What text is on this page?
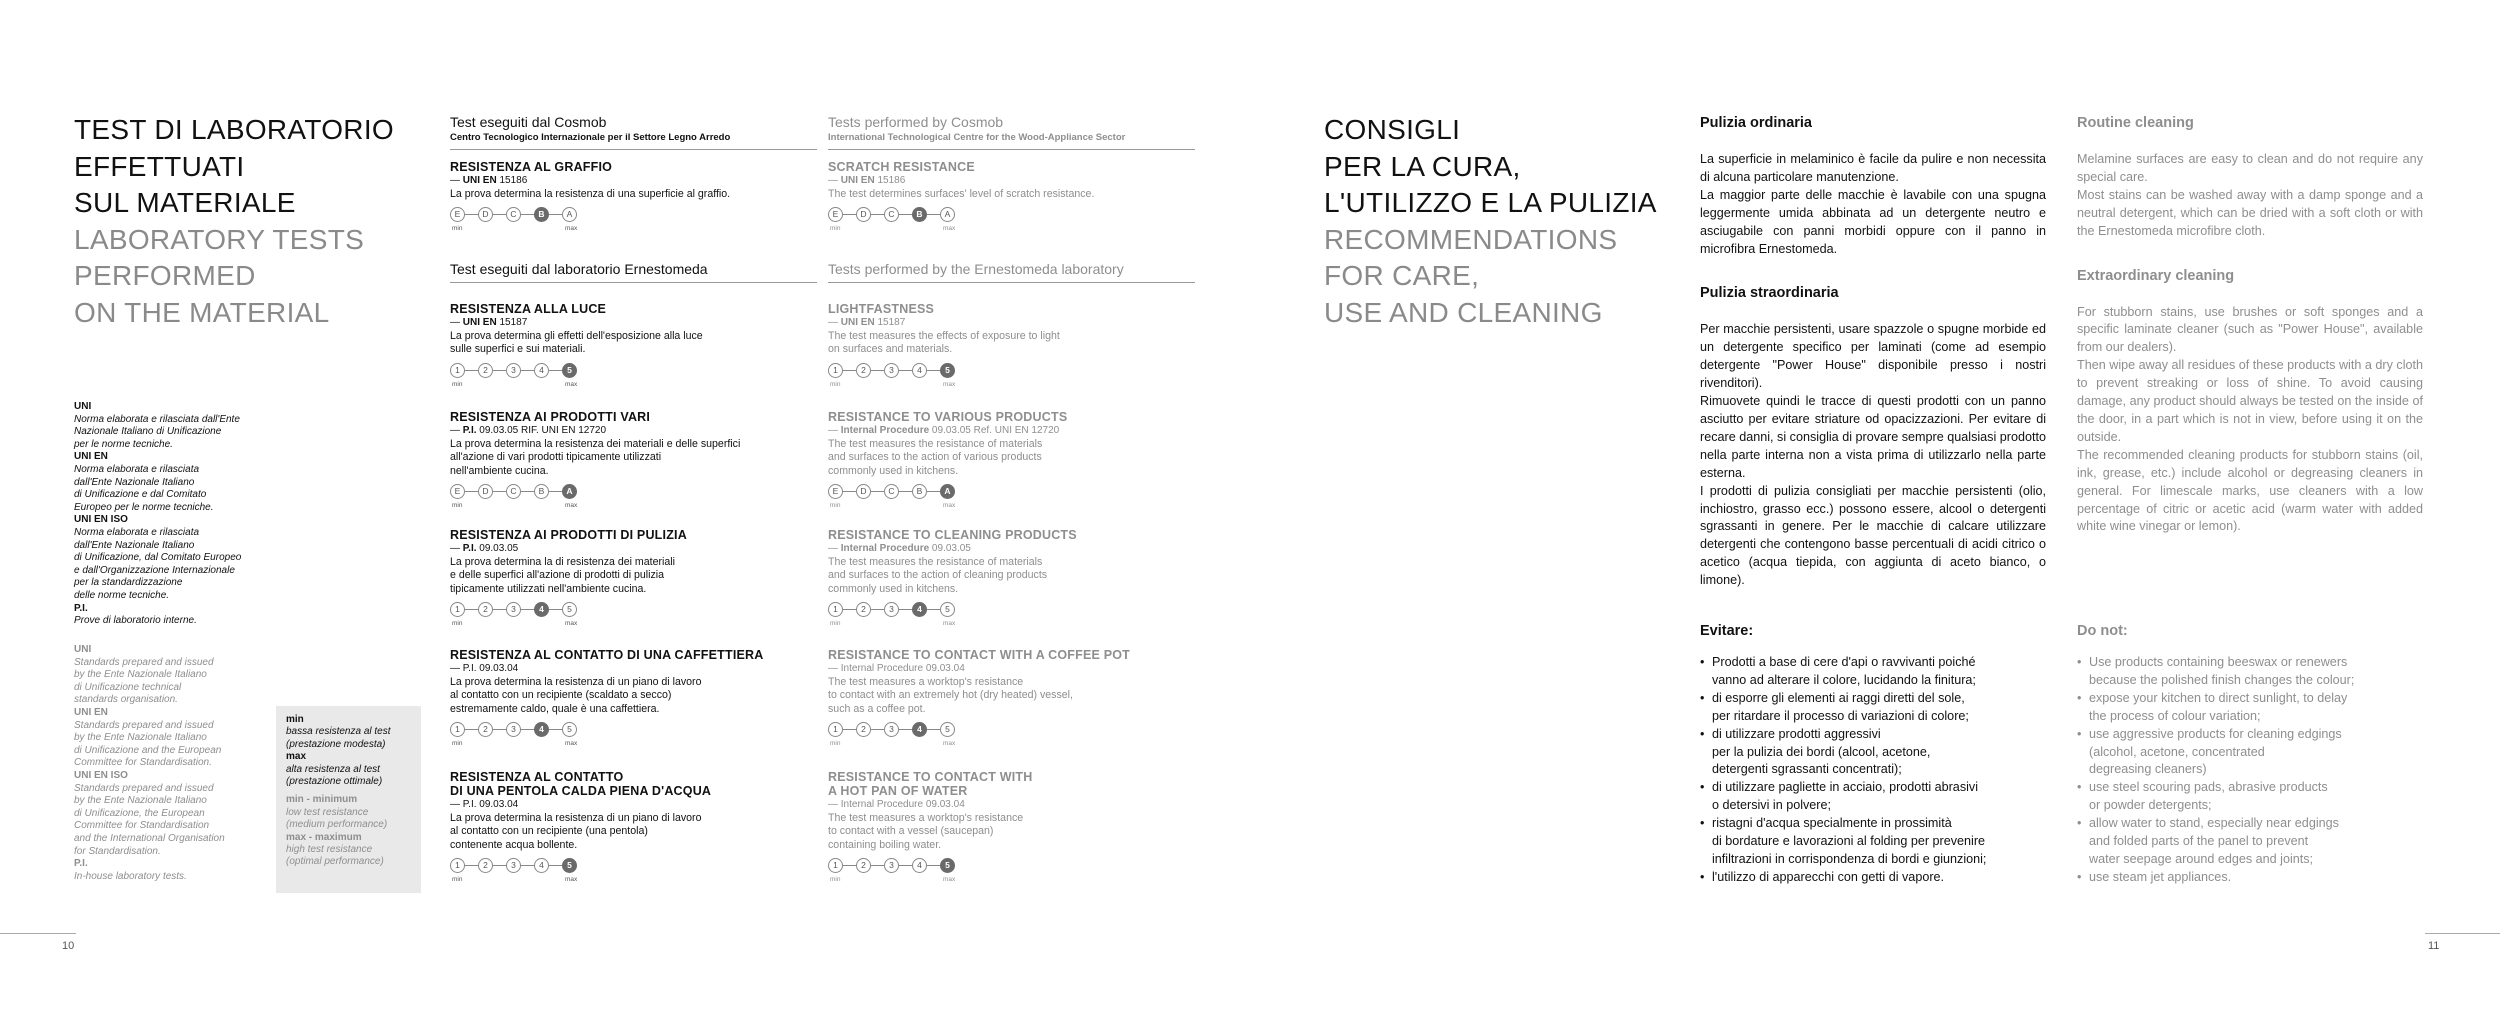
TEST DI LABORATORIO
EFFETTUATI
SUL MATERIALE
LABORATORY TESTS
PERFORMED
ON THE MATERIAL
UNI
Norma elaborata e rilasciata dall'Ente
Nazionale Italiano di Unificazione
per le norme tecniche.
UNI EN
Norma elaborata e rilasciata
dall'Ente Nazionale Italiano
di Unificazione e dal Comitato
Europeo per le norme tecniche.
UNI EN ISO
Norma elaborata e rilasciata
dall'Ente Nazionale Italiano
di Unificazione, dal Comitato Europeo
e dall'Organizzazione Internazionale
per la standardizzazione
delle norme tecniche.
P.I.
Prove di laboratorio interne.
UNI
Standards prepared and issued
by the Ente Nazionale Italiano
di Unificazione technical
standards organisation.
UNI EN
Standards prepared and issued
by the Ente Nazionale Italiano
di Unificazione and the European
Committee for Standardisation.
UNI EN ISO
Standards prepared and issued
by the Ente Nazionale Italiano
di Unificazione, the European
Committee for Standardisation
and the International Organisation
for Standardisation.
P.I.
In-house laboratory tests.
min
bassa resistenza al test
(prestazione modesta)
max
alta resistenza al test
(prestazione ottimale)
min - minimum
low test resistance
(medium performance)
max - maximum
high test resistance
(optimal performance)
Test eseguiti dal Cosmob
Centro Tecnologico Internazionale per il Settore Legno Arredo
Test eseguiti dal laboratorio Ernestomeda
Tests performed by Cosmob
International Technological Centre for the Wood-Appliance Sector
Tests performed by the Ernestomeda laboratory
RESISTENZA AL GRAFFIO
— UNI EN 15186
La prova determina la resistenza di una superficie al graffio.
E	D	C	B	A
min	max
RESISTENZA ALLA LUCE
— UNI EN 15187
La prova determina gli effetti dell'esposizione alla luce
sulle superfici e sui materiali.
1	2	3	4	5
min	max
RESISTENZA AI PRODOTTI VARI
— P.I. 09.03.05 RIF. UNI EN 12720
La prova determina la resistenza dei materiali e delle superfici
all'azione di vari prodotti tipicamente utilizzati
nell'ambiente cucina.
E	D	C	B	A
min	max
RESISTENZA AI PRODOTTI DI PULIZIA
— P.I. 09.03.05
La prova determina la di resistenza dei materiali
e delle superfici all'azione di prodotti di pulizia
tipicamente utilizzati nell'ambiente cucina.
1	2	3	4	5
min	max
RESISTENZA AL CONTATTO DI UNA CAFFETTIERA
— P.I. 09.03.04
La prova determina la resistenza di un piano di lavoro
al contatto con un recipiente (scaldato a secco)
estremamente caldo, quale è una caffettiera.
1	2	3	4	5
min	max
RESISTENZA AL CONTATTO
DI UNA PENTOLA CALDA PIENA D'ACQUA
— P.I. 09.03.04
La prova determina la resistenza di un piano di lavoro
al contatto con un recipiente (una pentola)
contenente acqua bollente.
1	2	3	4	5
min	max
SCRATCH RESISTANCE
— UNI EN 15186
The test determines surfaces' level of scratch resistance.
E	D	C	B	A
min	max
LIGHTFASTNESS
— UNI EN 15187
The test measures the effects of exposure to light
on surfaces and materials.
1	2	3	4	5
min	max
RESISTANCE TO VARIOUS PRODUCTS
— Internal Procedure 09.03.05 Ref. UNI EN 12720
The test measures the resistance of materials
and surfaces to the action of various products
commonly used in kitchens.
E	D	C	B	A
min	max
RESISTANCE TO CLEANING PRODUCTS
— Internal Procedure 09.03.05
The test measures the resistance of materials
and surfaces to the action of cleaning products
commonly used in kitchens.
1	2	3	4	5
min	max
RESISTANCE TO CONTACT WITH A COFFEE POT
— Internal Procedure 09.03.04
The test measures a worktop's resistance
to contact with an extremely hot (dry heated) vessel,
such as a coffee pot.
1	2	3	4	5
min	max
RESISTANCE TO CONTACT WITH
A HOT PAN OF WATER
— Internal Procedure 09.03.04
The test measures a worktop's resistance
to contact with a vessel (saucepan)
containing boiling water.
1	2	3	4	5
min	max
10
CONSIGLI
PER LA CURA,
L'UTILIZZO E LA PULIZIA
RECOMMENDATIONS
FOR CARE,
USE AND CLEANING
Pulizia ordinaria

La superficie in melaminico è facile da pulire e non necessita di alcuna particolare manutenzione.

La maggior parte delle macchie è lavabile con una spugna leggermente umida abbinata ad un detergente neutro e asciugabile con panni morbidi oppure con il panno in microfibra Ernestomeda.

Pulizia straordinaria

Per macchie persistenti, usare spazzole o spugne morbide ed un detergente specifico per laminati (come ad esempio detergente "Power House" disponibile presso i nostri rivenditori).

Rimuovete quindi le tracce di questi prodotti con un panno asciutto per evitare striature od opacizzazioni. Per evitare di recare danni, si consiglia di provare sempre qualsiasi prodotto nella parte interna non a vista prima di utilizzarlo nella parte esterna.

I prodotti di pulizia consigliati per macchie persistenti (olio, inchiostro, grasso ecc.) possono essere, alcool o detergenti sgrassanti in genere. Per le macchie di calcare utilizzare detergenti che contengono basse percentuali di acidi citrico o acetico (acqua tiepida, con aggiunta di aceto bianco, o limone).

Evitare:
• Prodotti a base di cere d'api o ravvivanti poiché
vanno ad alterare il colore, lucidando la finitura;
• di esporre gli elementi ai raggi diretti del sole,
per ritardare il processo di variazioni di colore;
• di utilizzare prodotti aggressivi
per la pulizia dei bordi (alcool, acetone,
detergenti sgrassanti concentrati);
• di utilizzare pagliette in acciaio, prodotti abrasivi
o detersivi in polvere;
• ristagni d'acqua specialmente in prossimità
di bordature e lavorazioni al folding per prevenire
infiltrazioni in corrispondenza di bordi e giunzioni;
• l'utilizzo di apparecchi con getti di vapore.
Routine cleaning

Melamine surfaces are easy to clean and do not require any special care.

Most stains can be washed away with a damp sponge and a neutral detergent, which can be dried with a soft cloth or with the Ernestomeda microfibre cloth.

Extraordinary cleaning

For stubborn stains, use brushes or soft sponges and a specific laminate cleaner (such as "Power House", available from our dealers).

Then wipe away all residues of these products with a dry cloth to prevent streaking or loss of shine. To avoid causing damage, any product should always be tested on the inside of the door, in a part which is not in view, before using it on the outside.

The recommended cleaning products for stubborn stains (oil, ink, grease, etc.) include alcohol or degreasing cleaners in general. For limescale marks, use cleaners with a low percentage of citric or acetic acid (warm water with added white wine vinegar or lemon).

Do not:
• Use products containing beeswax or renewers
because the polished finish changes the colour;
• expose your kitchen to direct sunlight, to delay
the process of colour variation;
• use aggressive products for cleaning edgings
(alcohol, acetone, concentrated
degreasing cleaners)
• use steel scouring pads, abrasive products
or powder detergents;
• allow water to stand, especially near edgings
and folded parts of the panel to prevent
water seepage around edges and joints;
• use steam jet appliances.
11
